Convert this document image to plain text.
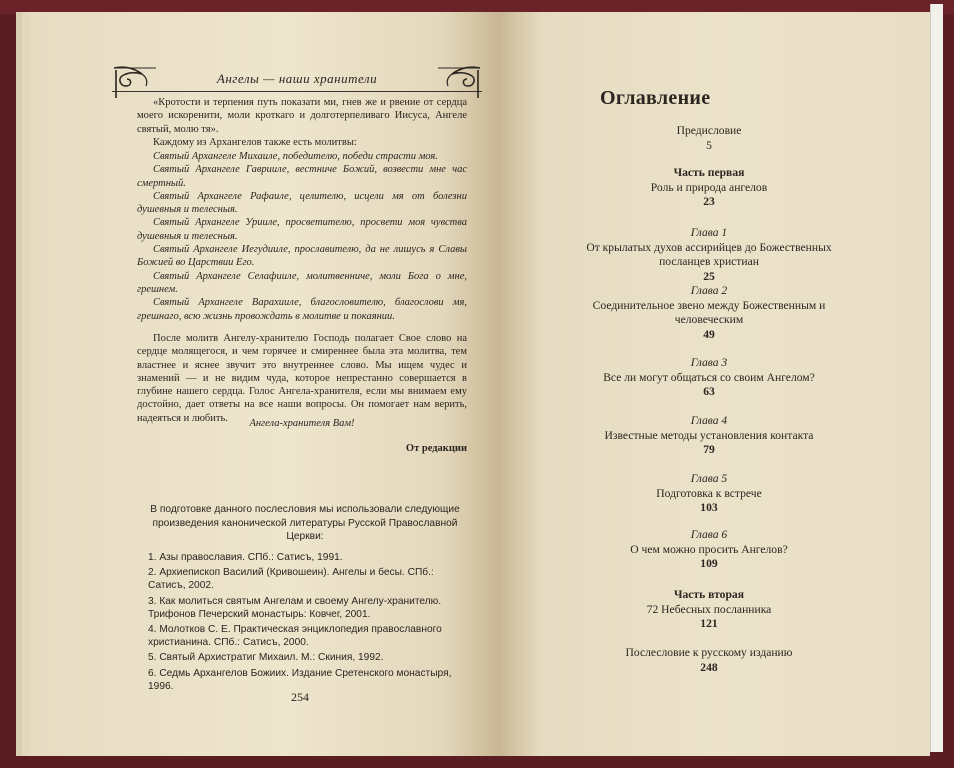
Ангелы — наши хранители
«Кротости и терпения путь показати ми, гнев же и рвение от сердца моего искоренити, моли кроткаго и долготерпеливаго Иисуса, Ангеле святый, молю тя».
Каждому из Архангелов также есть молитвы:

Святый Архангеле Михаиле, победителю, победи страсти моя.

Святый Архангеле Гаврииле, вестниче Божий, возвести мне час смертный.

Святый Архангеле Рафаиле, целителю, исцели мя от болезни душевныя и телесныя.

Святый Архангеле Уриилe, просветителю, просвети моя чувства душевныя и телесныя.

Святый Архангеле Иегудииле, прославителю, да не лишусь я Славы Божией во Царствии Его.

Святый Архангеле Селафииле, молитвенниче, моли Бога о мне, грешнем.

Святый Архангеле Варахииле, благословителю, благослови мя, грешнаго, всю жизнь провождать в молитве и покаянии.

После молитв Ангелу-хранителю Господь полагает Свое слово на сердце молящегося, и чем горячее и смиреннее была эта молитва, тем властнее и яснее звучит это внутреннее слово. Мы ищем чудес и знамений — и не видим чуда, которое непрестанно совершается в глубине нашего сердца. Голос Ангела-хранителя, если мы внимаем ему достойно, дает ответы на все наши вопросы. Он помогает нам верить, надеяться и любить.	Ангела-хранителя Вам!
От редакции
В подготовке данного послесловия мы использовали следующие произведения канонической литературы Русской Православной Церкви:
1. Азы православия. СПб.: Сатисъ, 1991.
2. Архиепископ Василий (Кривошеин). Ангелы и бесы. СПб.: Сатисъ, 2002.
3. Как молиться святым Ангелам и своему Ангелу-хранителю. Трифонов Печерский монастырь: Ковчег, 2001.
4. Молотков С. Е. Практическая энциклопедия православного христианина. СПб.: Сатисъ, 2000.
5. Святый Архистратиг Михаил. М.: Скиния, 1992.
6. Седмь Архангелов Божиих. Издание Сретенского монастыря, 1996.
254
Оглавление
Предисловие
5
Часть первая
Роль и природа ангелов
23
Глава 1
От крылатых духов ассирийцев до Божественных посланцев христиан
25
Глава 2
Соединительное звено между Божественным и человеческим
49
Глава 3
Все ли могут общаться со своим Ангелом?
63
Глава 4
Известные методы установления контакта
79
Глава 5
Подготовка к встрече
103
Глава 6
О чем можно просить Ангелов?
109
Часть вторая
72 Небесных посланника
121
Послесловие к русскому изданию
248
